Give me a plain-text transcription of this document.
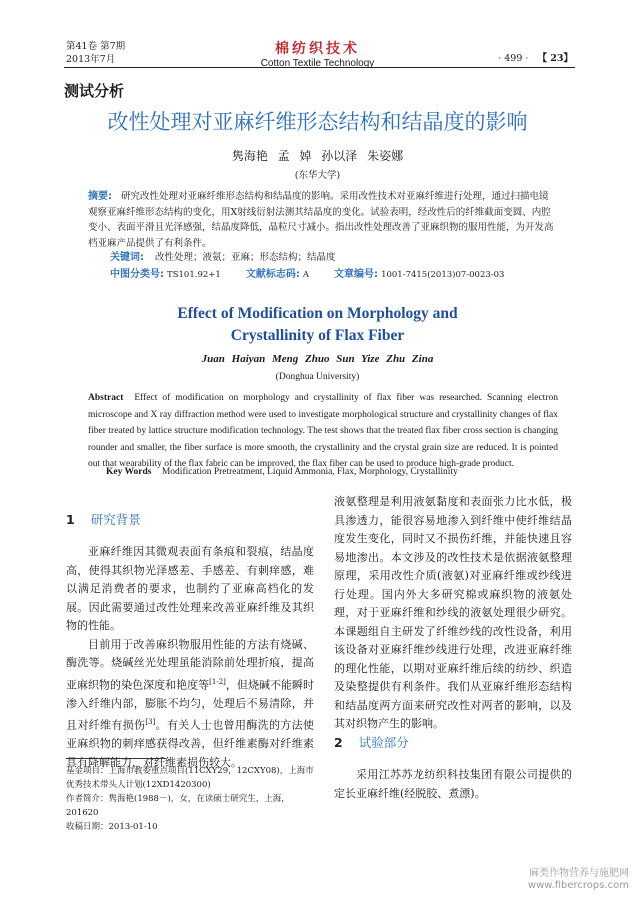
第41卷 第7期
2013年7月
棉纺织技术
Cotton Textile Technology	· 499 · 【 23】
测试分析
改性处理对亚麻纤维形态结构和结晶度的影响
隽海艳 孟 婥 孙以泽 朱姿娜
(东华大学)
摘要: 研究改性处理对亚麻纤维形态结构和结晶度的影响。采用改性技术对亚麻纤维进行处理，通过扫描电镜观察亚麻纤维形态结构的变化，用X射线衍射法测其结晶度的变化。试验表明，经改性后的纤维截面变圆、内腔变小、表面平滑且光泽感强，结晶度降低，晶粒尺寸减小。指出改性处理改善了亚麻织物的服用性能，为开发高档亚麻产品提供了有利条件。
关键词: 改性处理；液氨；亚麻；形态结构；结晶度
中图分类号: TS101.92+1	文献标志码: A	文章编号: 1001-7415(2013)07-0023-03
Effect of Modification on Morphology and
Crystallinity of Flax Fiber
Juan Haiyan Meng Zhuo Sun Yize Zhu Zina
(Donghua University)
Abstract Effect of modification on morphology and crystallinity of flax fiber was researched. Scanning electron microscope and X ray diffraction method were used to investigate morphological structure and crystallinity changes of flax fiber treated by lattice structure modification technology. The test shows that the treated flax fiber cross section is changing rounder and smaller, the fiber surface is more smooth, the crystallinity and the crystal grain size are reduced. It is pointed out that wearability of the flax fabric can be improved, the flax fiber can be used to produce high-grade product.
Key Words Modification Pretreatment, Liquid Ammonia, Flax, Morphology, Crystallinity
1 研究背景

亚麻纤维因其微观表面有条痕和裂痕，结晶度高，使得其织物光泽感差、手感差、有刺痒感，难以满足消费者的要求，也制约了亚麻高档化的发展。因此需要通过改性处理来改善亚麻纤维及其织物的性能。

目前用于改善麻织物服用性能的方法有烧碱、酶洗等。烧碱丝光处理虽能消除前处理折痕，提高亚麻织物的染色深度和艳度等[1-2]，但烧碱不能瞬时渗入纤维内部，膨胀不均匀，处理后不易清除，并且对纤维有损伤[3]。有关人士也曾用酶洗的方法使亚麻织物的刺痒感获得改善，但纤维素酶对纤维素具有降解能力，对纤维素损伤较大。

基金项目：上海市教委重点项目(11CXY29，12CXY08)，上海市优秀技术带头人计划(12XD1420300)
作者简介：隽海艳(1988－)，女，在读硕士研究生，上海，201620
收稿日期：2013-01-10

液氨整理是利用液氨黏度和表面张力比水低，极具渗透力，能很容易地渗入到纤维中使纤维结晶度发生变化，同时又不损伤纤维，并能快速且容易地渗出。本文涉及的改性技术是依据液氨整理原理，采用改性介质(液氨)对亚麻纤维或纱线进行处理。国内外大多研究棉或麻织物的液氨处理，对于亚麻纤维和纱线的液氨处理很少研究。本课题组自主研发了纤维纱线的改性设备，利用该设备对亚麻纤维纱线进行处理，改进亚麻纤维的理化性能，以期对亚麻纤维后续的纺纱、织造及染整提供有利条件。我们从亚麻纤维形态结构和结晶度两方面来研究改性对两者的影响，以及其对织物产生的影响。

2 试验部分

采用江苏苏龙纺织科技集团有限公司提供的定长亚麻纤维(经脱胶、煮漂)。

麻类作物营养与施肥网
www.fibercrops.com
